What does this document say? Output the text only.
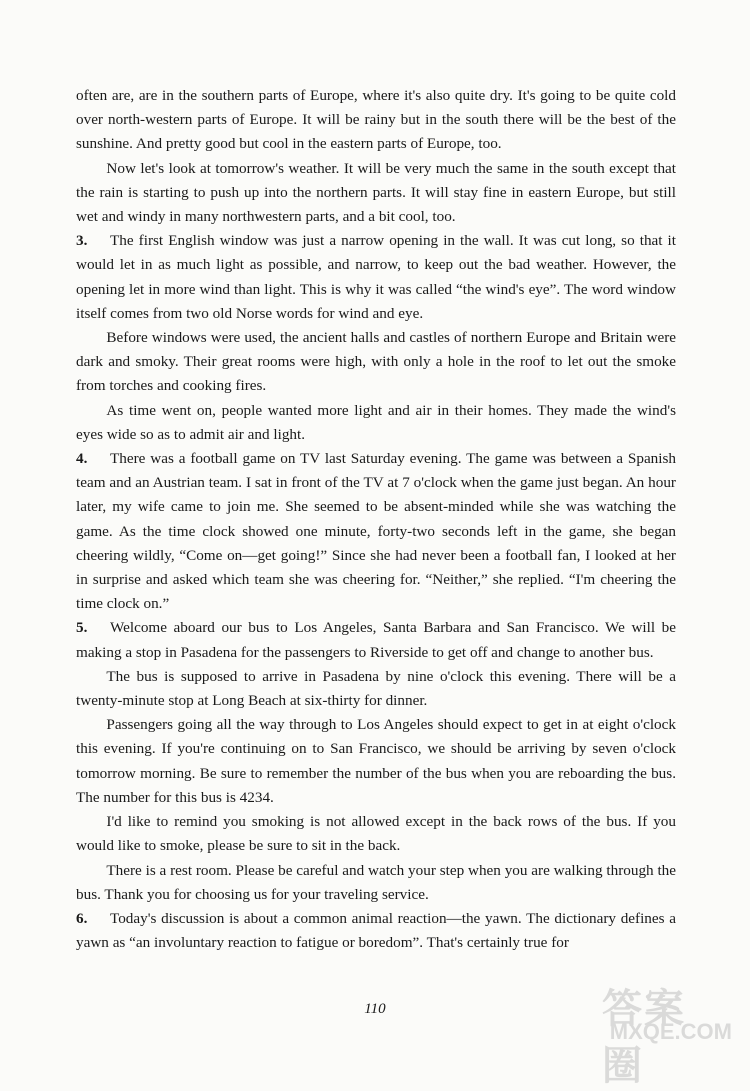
often are, are in the southern parts of Europe, where it's also quite dry. It's going to be quite cold over north-western parts of Europe. It will be rainy but in the south there will be the best of the sunshine. And pretty good but cool in the eastern parts of Europe, too.

Now let's look at tomorrow's weather. It will be very much the same in the south except that the rain is starting to push up into the northern parts. It will stay fine in eastern Europe, but still wet and windy in many northwestern parts, and a bit cool, too.

3. The first English window was just a narrow opening in the wall. It was cut long, so that it would let in as much light as possible, and narrow, to keep out the bad weather. However, the opening let in more wind than light. This is why it was called “the wind's eye”. The word window itself comes from two old Norse words for wind and eye.

Before windows were used, the ancient halls and castles of northern Europe and Britain were dark and smoky. Their great rooms were high, with only a hole in the roof to let out the smoke from torches and cooking fires.

As time went on, people wanted more light and air in their homes. They made the wind's eyes wide so as to admit air and light.

4. There was a football game on TV last Saturday evening. The game was between a Spanish team and an Austrian team. I sat in front of the TV at 7 o'clock when the game just began. An hour later, my wife came to join me. She seemed to be absent-minded while she was watching the game. As the time clock showed one minute, forty-two seconds left in the game, she began cheering wildly, “Come on—get going!” Since she had never been a football fan, I looked at her in surprise and asked which team she was cheering for. “Neither,” she replied. “I'm cheering the time clock on.”

5. Welcome aboard our bus to Los Angeles, Santa Barbara and San Francisco. We will be making a stop in Pasadena for the passengers to Riverside to get off and change to another bus.

The bus is supposed to arrive in Pasadena by nine o'clock this evening. There will be a twenty-minute stop at Long Beach at six-thirty for dinner.

Passengers going all the way through to Los Angeles should expect to get in at eight o'clock this evening. If you're continuing on to San Francisco, we should be arriving by seven o'clock tomorrow morning. Be sure to remember the number of the bus when you are reboarding the bus. The number for this bus is 4234.

I'd like to remind you smoking is not allowed except in the back rows of the bus. If you would like to smoke, please be sure to sit in the back.

There is a rest room. Please be careful and watch your step when you are walking through the bus. Thank you for choosing us for your traveling service.

6. Today's discussion is about a common animal reaction—the yawn. The dictionary defines a yawn as “an involuntary reaction to fatigue or boredom”. That's certainly true for

110	答案圈
MXQE.COM
